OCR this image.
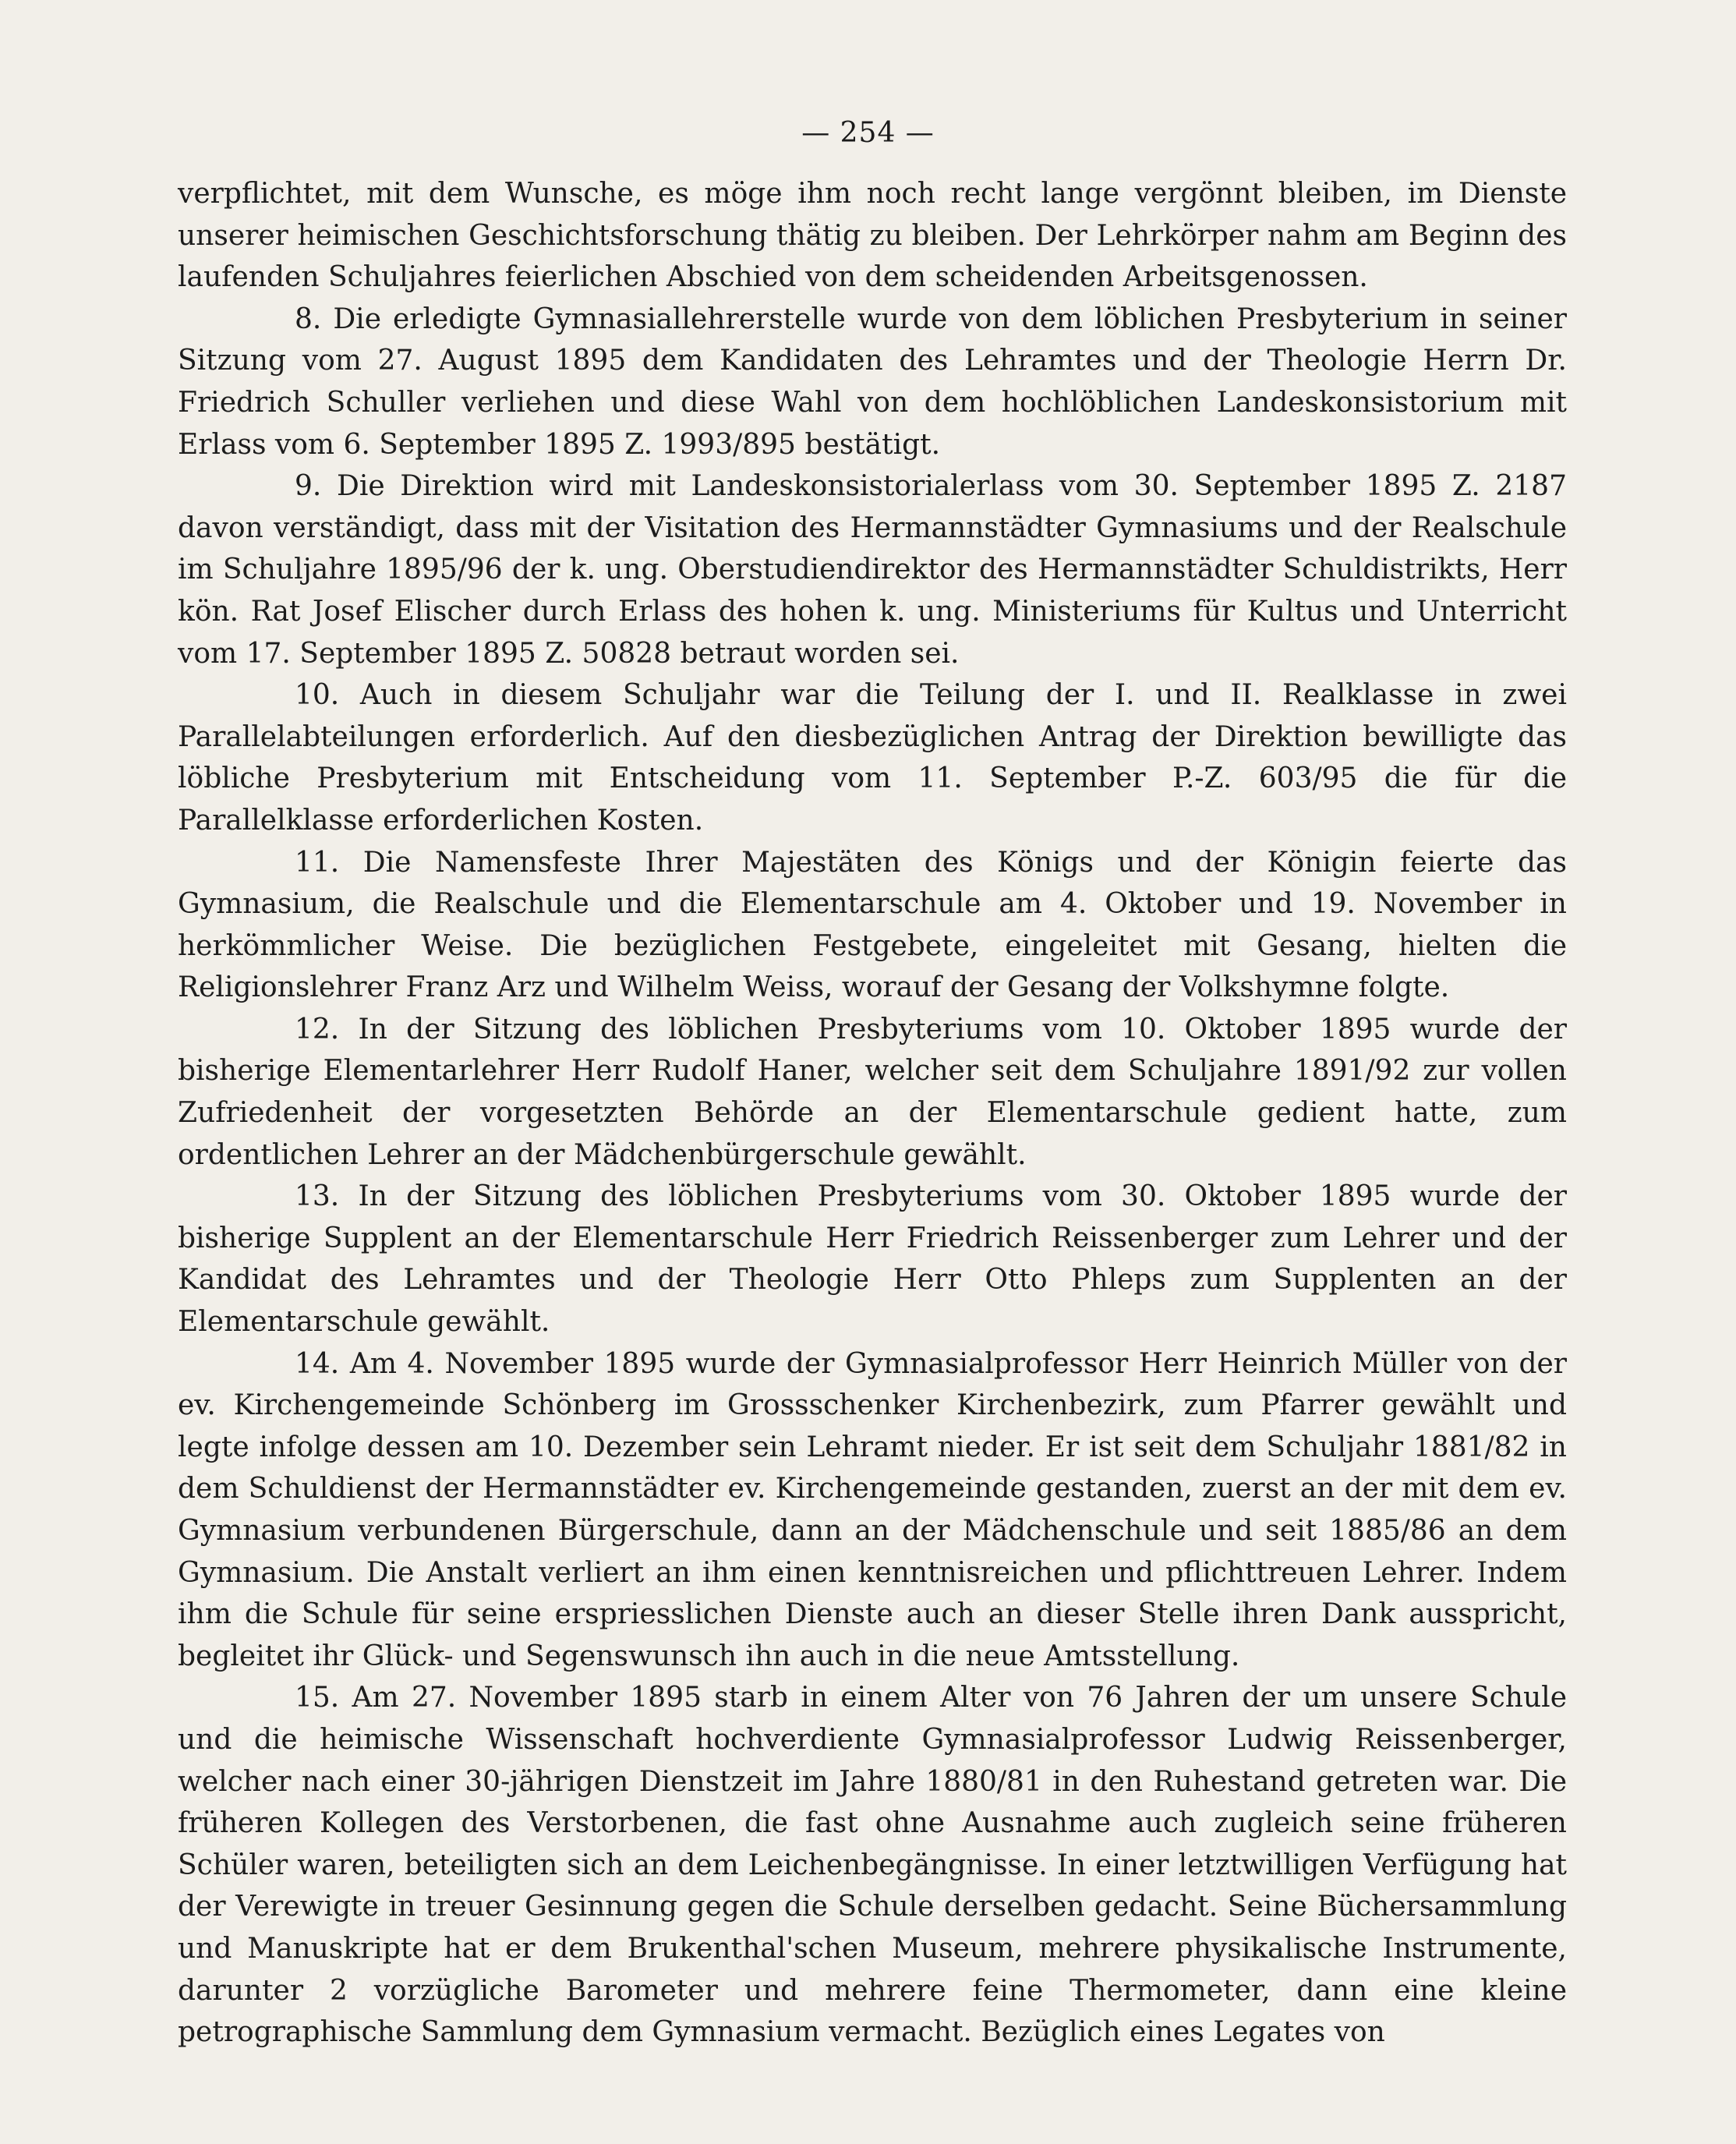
— 254 —

verpflichtet, mit dem Wunsche, es möge ihm noch recht lange vergönnt bleiben, im Dienste unserer heimischen Geschichtsforschung thätig zu bleiben. Der Lehrkörper nahm am Beginn des laufenden Schuljahres feierlichen Abschied von dem scheidenden Arbeitsgenossen.

8. Die erledigte Gymnasiallehrerstelle wurde von dem löblichen Presbyterium in seiner Sitzung vom 27. August 1895 dem Kandidaten des Lehramtes und der Theologie Herrn Dr. Friedrich Schuller verliehen und diese Wahl von dem hochlöblichen Landeskonsistorium mit Erlass vom 6. September 1895 Z. 1993/895 bestätigt.

9. Die Direktion wird mit Landeskonsistorialerlass vom 30. September 1895 Z. 2187 davon verständigt, dass mit der Visitation des Hermannstädter Gymnasiums und der Realschule im Schuljahre 1895/96 der k. ung. Oberstudiendirektor des Hermannstädter Schuldistrikts, Herr kön. Rat Josef Elischer durch Erlass des hohen k. ung. Ministeriums für Kultus und Unterricht vom 17. September 1895 Z. 50828 betraut worden sei.

10. Auch in diesem Schuljahr war die Teilung der I. und II. Realklasse in zwei Parallelabteilungen erforderlich. Auf den diesbezüglichen Antrag der Direktion bewilligte das löbliche Presbyterium mit Entscheidung vom 11. September P.-Z. 603/95 die für die Parallelklasse erforderlichen Kosten.

11. Die Namensfeste Ihrer Majestäten des Königs und der Königin feierte das Gymnasium, die Realschule und die Elementarschule am 4. Oktober und 19. November in herkömmlicher Weise. Die bezüglichen Festgebete, eingeleitet mit Gesang, hielten die Religionslehrer Franz Arz und Wilhelm Weiss, worauf der Gesang der Volkshymne folgte.

12. In der Sitzung des löblichen Presbyteriums vom 10. Oktober 1895 wurde der bisherige Elementarlehrer Herr Rudolf Haner, welcher seit dem Schuljahre 1891/92 zur vollen Zufriedenheit der vorgesetzten Behörde an der Elementarschule gedient hatte, zum ordentlichen Lehrer an der Mädchenbürgerschule gewählt.

13. In der Sitzung des löblichen Presbyteriums vom 30. Oktober 1895 wurde der bisherige Supplent an der Elementarschule Herr Friedrich Reissenberger zum Lehrer und der Kandidat des Lehramtes und der Theologie Herr Otto Phleps zum Supplenten an der Elementarschule gewählt.

14. Am 4. November 1895 wurde der Gymnasialprofessor Herr Heinrich Müller von der ev. Kirchengemeinde Schönberg im Grossschenker Kirchenbezirk, zum Pfarrer gewählt und legte infolge dessen am 10. Dezember sein Lehramt nieder. Er ist seit dem Schuljahr 1881/82 in dem Schuldienst der Hermannstädter ev. Kirchengemeinde gestanden, zuerst an der mit dem ev. Gymnasium verbundenen Bürgerschule, dann an der Mädchenschule und seit 1885/86 an dem Gymnasium. Die Anstalt verliert an ihm einen kenntnisreichen und pflichttreuen Lehrer. Indem ihm die Schule für seine erspriesslichen Dienste auch an dieser Stelle ihren Dank ausspricht, begleitet ihr Glück- und Segenswunsch ihn auch in die neue Amtsstellung.

15. Am 27. November 1895 starb in einem Alter von 76 Jahren der um unsere Schule und die heimische Wissenschaft hochverdiente Gymnasialprofessor Ludwig Reissenberger, welcher nach einer 30-jährigen Dienstzeit im Jahre 1880/81 in den Ruhestand getreten war. Die früheren Kollegen des Verstorbenen, die fast ohne Ausnahme auch zugleich seine früheren Schüler waren, beteiligten sich an dem Leichenbegängnisse. In einer letztwilligen Verfügung hat der Verewigte in treuer Gesinnung gegen die Schule derselben gedacht. Seine Büchersammlung und Manuskripte hat er dem Brukenthal'schen Museum, mehrere physikalische Instrumente, darunter 2 vorzügliche Barometer und mehrere feine Thermometer, dann eine kleine petrographische Sammlung dem Gymnasium vermacht. Bezüglich eines Legates von
